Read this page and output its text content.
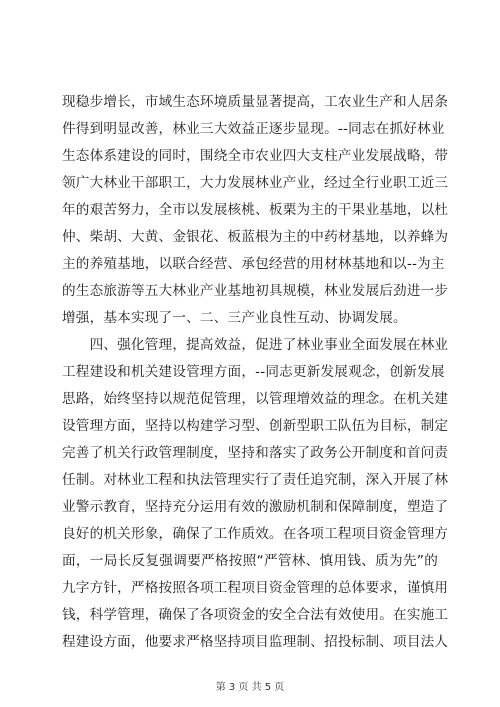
现稳步增长，市域生态环境质量显著提高，工农业生产和人居条
件得到明显改善，林业三大效益正逐步显现。--同志在抓好林业
生态体系建设的同时，围绕全市农业四大支柱产业发展战略，带
领广大林业干部职工，大力发展林业产业，经过全行业职工近三
年的艰苦努力，全市以发展核桃、板栗为主的干果业基地，以杜
仲、柴胡、大黄、金银花、板蓝根为主的中药材基地，以养蜂为
主的养殖基地，以联合经营、承包经营的用材林基地和以--为主
的生态旅游等五大林业产业基地初具规模，林业发展后劲进一步
增强，基本实现了一、二、三产业良性互动、协调发展。
　　四、强化管理，提高效益，促进了林业事业全面发展在林业
工程建设和机关建设管理方面，--同志更新发展观念，创新发展
思路，始终坚持以规范促管理，以管理增效益的理念。在机关建
设管理方面，坚持以构建学习型、创新型职工队伍为目标，制定
完善了机关行政管理制度，坚持和落实了政务公开制度和首问责
任制。对林业工程和执法管理实行了责任追究制，深入开展了林
业警示教育，坚持充分运用有效的激励机制和保障制度，塑造了
良好的机关形象，确保了工作质效。在各项工程项目资金管理方
面，一局长反复强调要严格按照“严管林、慎用钱、质为先”的
九字方针，严格按照各项工程项目资金管理的总体要求，谨慎用
钱，科学管理，确保了各项资金的安全合法有效使用。在实施工
程建设方面，他要求严格坚持项目监理制、招投标制、项目法人
第 3 页 共 5 页
